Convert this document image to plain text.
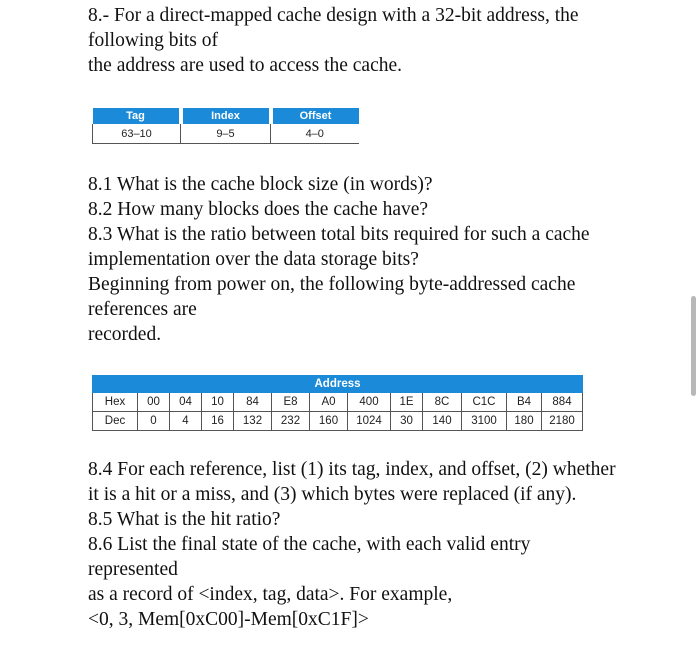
8.- For a direct-mapped cache design with a 32-bit address, the
following bits of
the address are used to access the cache.
Tag	Index	Offset
63–10	9–5	4–0
8.1 What is the cache block size (in words)?
8.2 How many blocks does the cache have?
8.3 What is the ratio between total bits required for such a cache
implementation over the data storage bits?
Beginning from power on, the following byte-addressed cache
references are
recorded.
Address												
Hex	00	04	10	84	E8	A0	400	1E	8C	C1C	B4	884
Dec	0	4	16	132	232	160	1024	30	140	3100	180	2180
8.4 For each reference, list (1) its tag, index, and offset, (2) whether
it is a hit or a miss, and (3) which bytes were replaced (if any).
8.5 What is the hit ratio?
8.6 List the final state of the cache, with each valid entry
represented
as a record of <index, tag, data>. For example,
<0, 3, Mem[0xC00]-Mem[0xC1F]>
